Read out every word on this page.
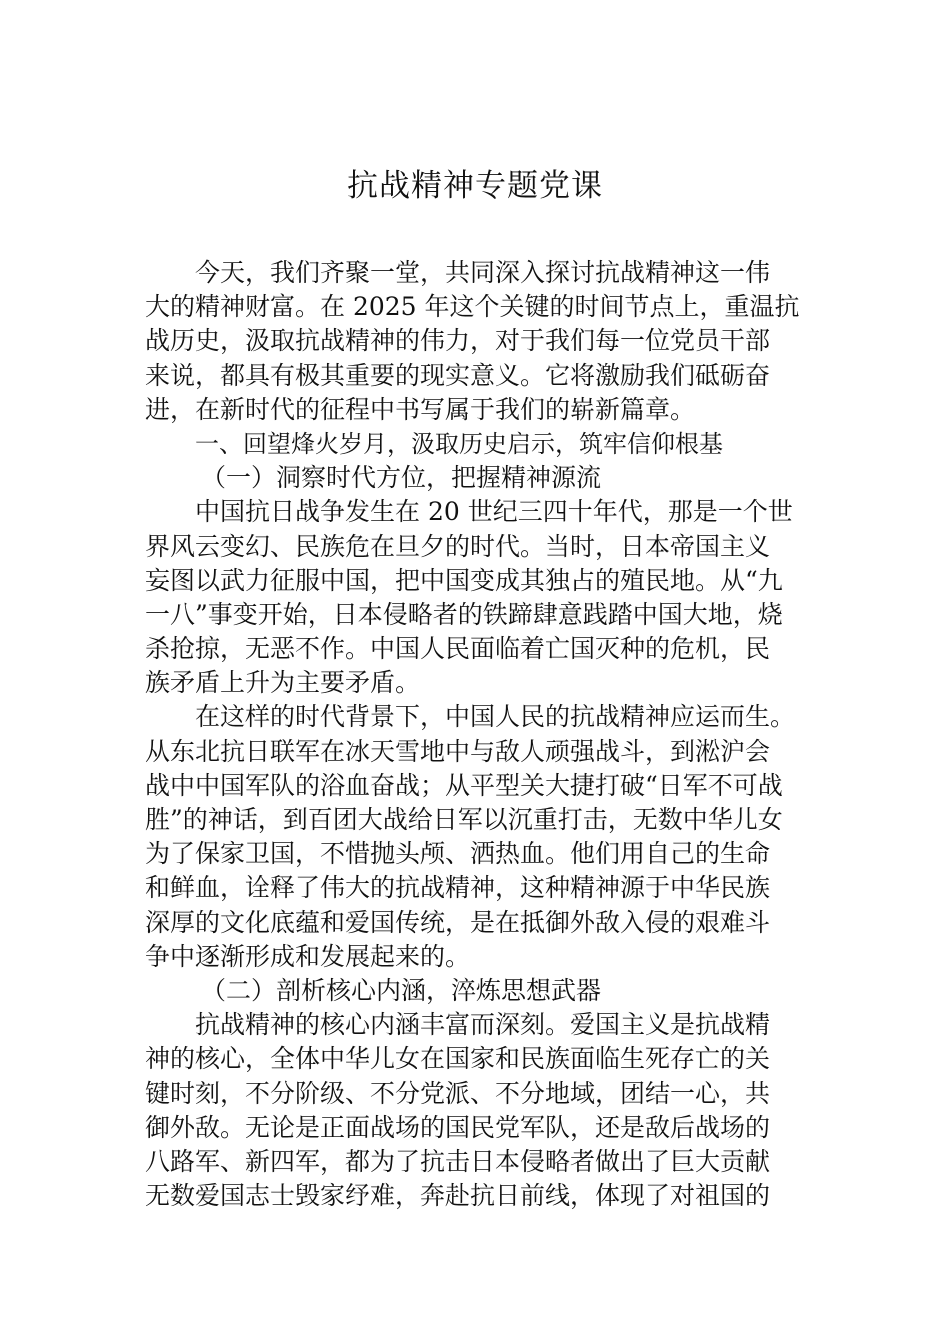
抗战精神专题党课
今天，我们齐聚一堂，共同深入探讨抗战精神这一伟
大的精神财富。在 2025 年这个关键的时间节点上，重温抗
战历史，汲取抗战精神的伟力，对于我们每一位党员干部
来说，都具有极其重要的现实意义。它将激励我们砥砺奋
进，在新时代的征程中书写属于我们的崭新篇章。
一、回望烽火岁月，汲取历史启示，筑牢信仰根基
（一）洞察时代方位，把握精神源流
中国抗日战争发生在 20 世纪三四十年代，那是一个世
界风云变幻、民族危在旦夕的时代。当时，日本帝国主义
妄图以武力征服中国，把中国变成其独占的殖民地。从“九
一八”事变开始，日本侵略者的铁蹄肆意践踏中国大地，烧
杀抢掠，无恶不作。中国人民面临着亡国灭种的危机，民
族矛盾上升为主要矛盾。
在这样的时代背景下，中国人民的抗战精神应运而生。
从东北抗日联军在冰天雪地中与敌人顽强战斗，到淞沪会
战中中国军队的浴血奋战；从平型关大捷打破“日军不可战
胜”的神话，到百团大战给日军以沉重打击，无数中华儿女
为了保家卫国，不惜抛头颅、洒热血。他们用自己的生命
和鲜血，诠释了伟大的抗战精神，这种精神源于中华民族
深厚的文化底蕴和爱国传统，是在抵御外敌入侵的艰难斗
争中逐渐形成和发展起来的。
（二）剖析核心内涵，淬炼思想武器
抗战精神的核心内涵丰富而深刻。爱国主义是抗战精
神的核心，全体中华儿女在国家和民族面临生死存亡的关
键时刻，不分阶级、不分党派、不分地域，团结一心，共
御外敌。无论是正面战场的国民党军队，还是敌后战场的
八路军、新四军，都为了抗击日本侵略者做出了巨大贡献
无数爱国志士毁家纾难，奔赴抗日前线，体现了对祖国的
